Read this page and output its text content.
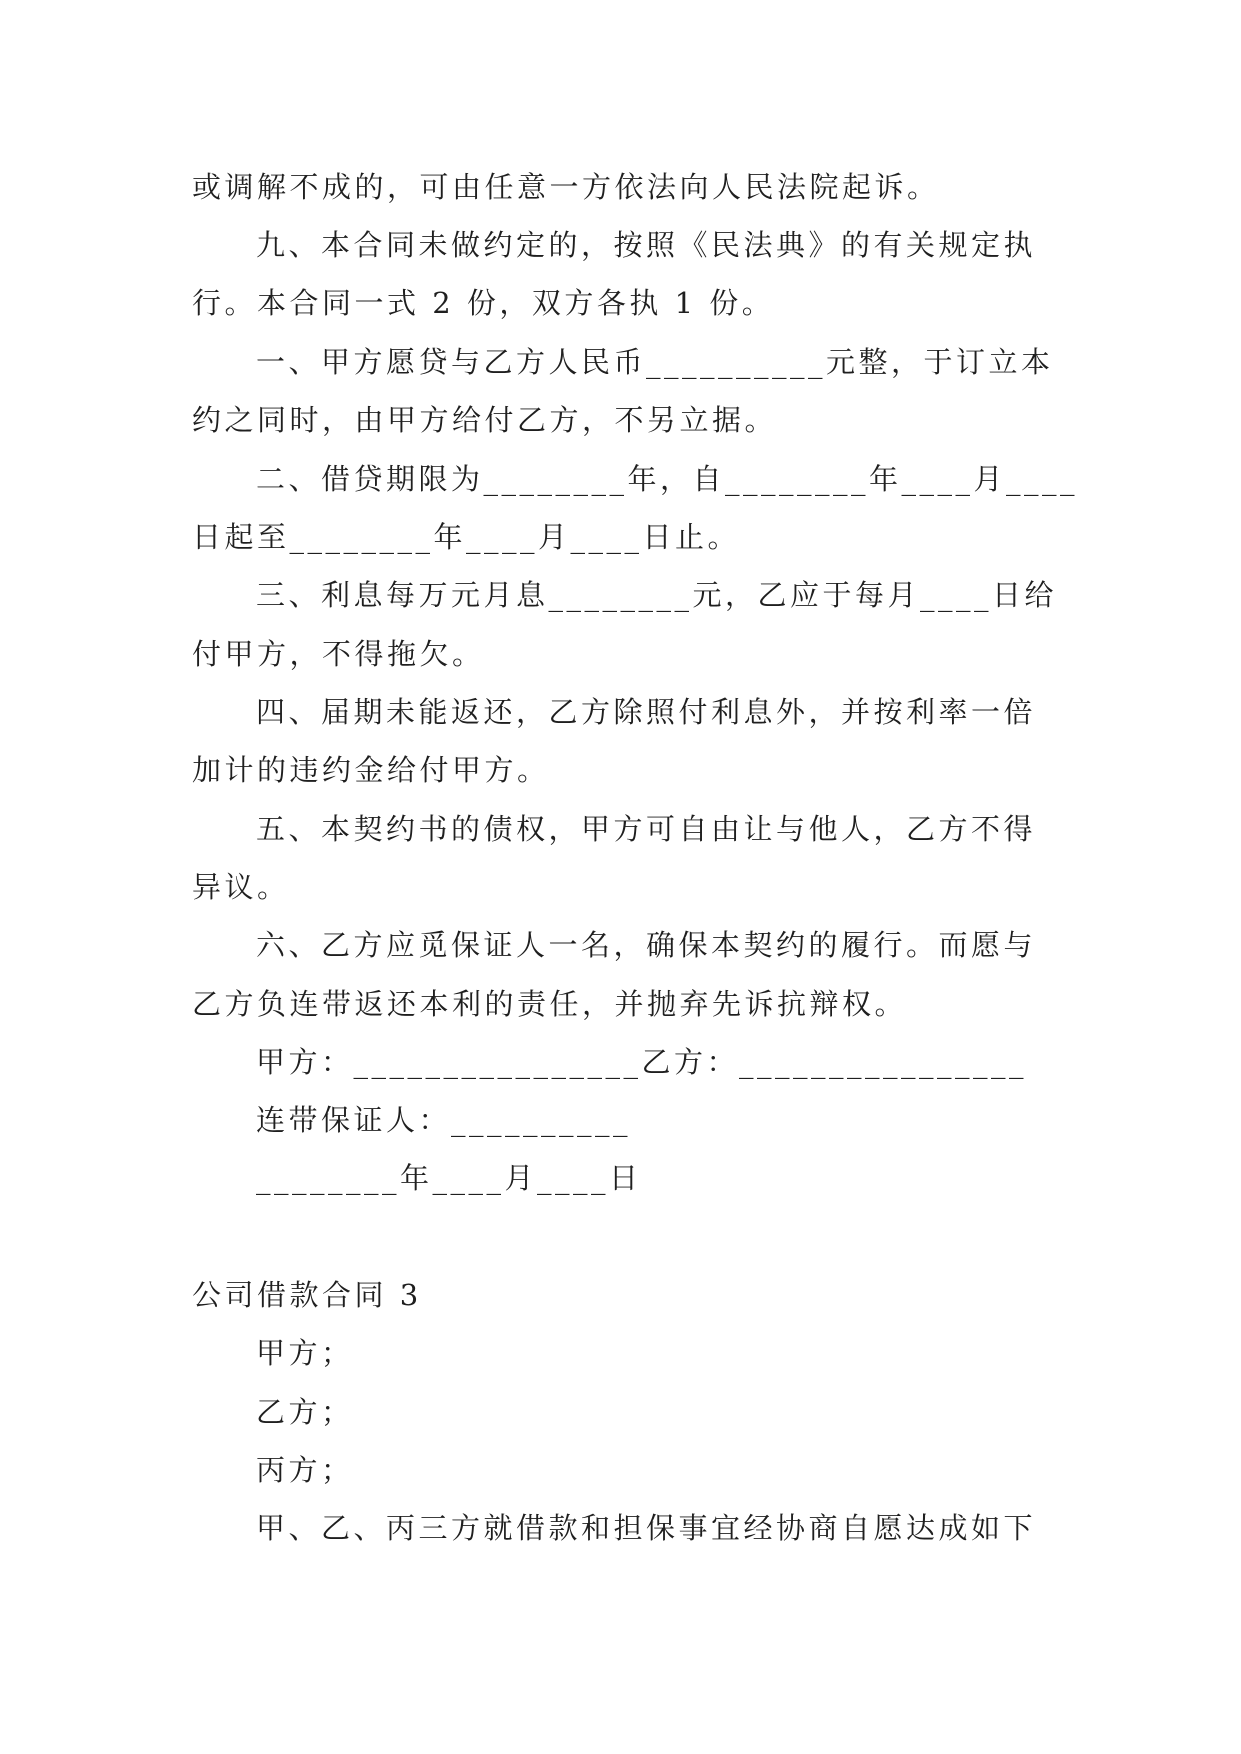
或调解不成的，可由任意一方依法向人民法院起诉。
九、本合同未做约定的，按照《民法典》的有关规定执
行。本合同一式 2 份，双方各执 1 份。
一、甲方愿贷与乙方人民币__________元整，于订立本
约之同时，由甲方给付乙方，不另立据。
二、借贷期限为________年，自________年____月____
日起至________年____月____日止。
三、利息每万元月息________元，乙应于每月____日给
付甲方，不得拖欠。
四、届期未能返还，乙方除照付利息外，并按利率一倍
加计的违约金给付甲方。
五、本契约书的债权，甲方可自由让与他人，乙方不得
异议。
六、乙方应觅保证人一名，确保本契约的履行。而愿与
乙方负连带返还本利的责任，并抛弃先诉抗辩权。
甲方：________________乙方：________________
连带保证人：__________
________年____月____日
公司借款合同 3
甲方；
乙方；
丙方；
甲、乙、丙三方就借款和担保事宜经协商自愿达成如下
